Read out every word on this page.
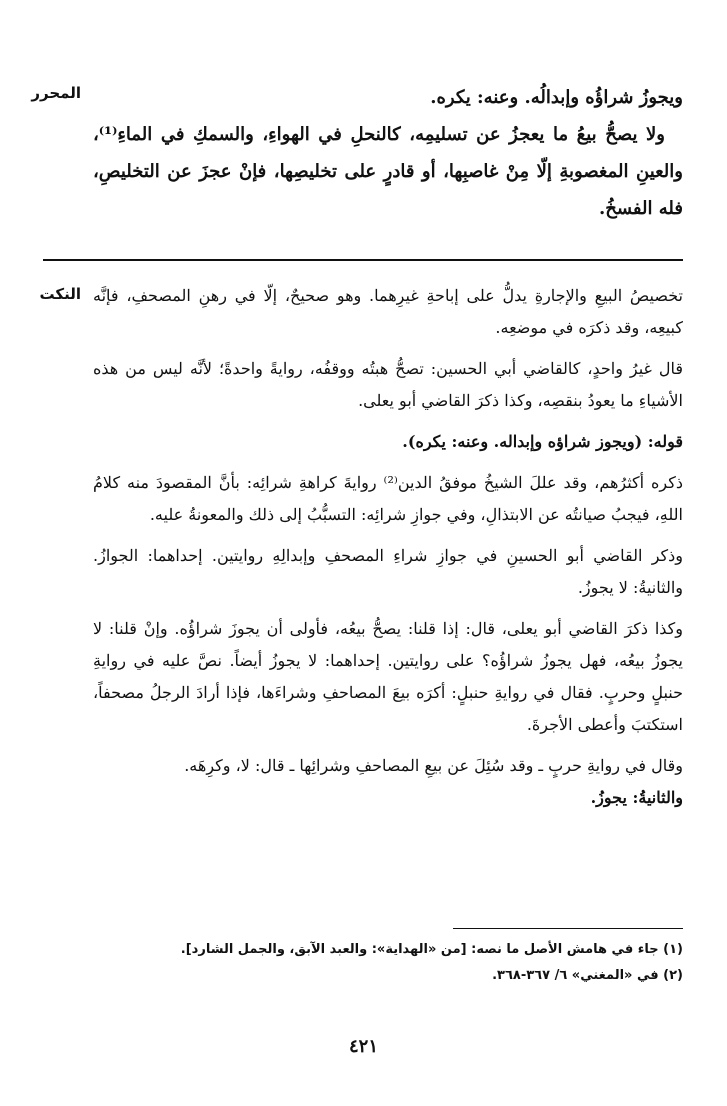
المحرر	ويجوزُ شراؤُه وإبدالُه. وعنه: يكره.

ولا يصحُّ بيعُ ما يعجزُ عن تسليمِه، كالنحلِ في الهواءِ، والسمكِ في الماءِ⁽¹⁾، والعينِ المغصوبةِ إلّا مِنْ غاصبِها، أو قادرٍ على تخليصِها، فإنْ عجزَ عن التخليصِ، فله الفسخُ.

النكت تخصيصُ البيعِ والإجارةِ يدلُّ على إباحةِ غيرِهما. وهو صحيحٌ، إلّا في رهنِ المصحفِ، فإنَّه كبيعِه، وقد ذكرَه في موضعِه.

قال غيرُ واحدٍ، كالقاضي أبي الحسين: تصحُّ هبتُه ووقفُه، روايةً واحدةً؛ لأنَّه ليس من هذه الأشياءِ ما يعودُ بنقصِه، وكذا ذكرَ القاضي أبو يعلى.

قوله: (ويجوز شراؤه وإبداله. وعنه: يكره).

ذكره أكثرُهم، وقد عللَ الشيخُ موفقُ الدين⁽²⁾ روايةَ كراهةِ شرائِه: بأنَّ المقصودَ منه كلامُ اللهِ، فيجبُ صيانتُه عن الابتذالِ، وفي جوازِ شرائِه: التسبُّبُ إلى ذلك والمعونةُ عليه.

وذكر القاضي أبو الحسينِ في جوازِ شراءِ المصحفِ وإبدالِهِ روايتين. إحداهما: الجوازُ. والثانيةُ: لا يجوزُ.

وكذا ذكرَ القاضي أبو يعلى، قال: إذا قلنا: يصحُّ بيعُه، فأولى أن يجوزَ شراؤُه. وإنْ قلنا: لا يجوزُ بيعُه، فهل يجوزُ شراؤُه؟ على روايتين. إحداهما: لا يجوزُ أيضاً. نصَّ عليه في روايةِ حنبلٍ وحربٍ. فقال في روايةِ حنبلٍ: أكرَه بيعَ المصاحفِ وشراءَها، فإذا أرادَ الرجلُ مصحفاً، استكتبَ وأعطى الأجرةَ.

وقال في روايةِ حربٍ ـ وقد سُئِلَ عن بيعِ المصاحفِ وشرائِها ـ قال: لا، وكرِهَه.

والثانيةُ: يجوزُ.

(١) جاء في هامش الأصل ما نصه: [من «الهداية»: والعبد الآبق، والجمل الشارد].
(٢) في «المغني» ٦/ ٣٦٧-٣٦٨.
٤٢١
